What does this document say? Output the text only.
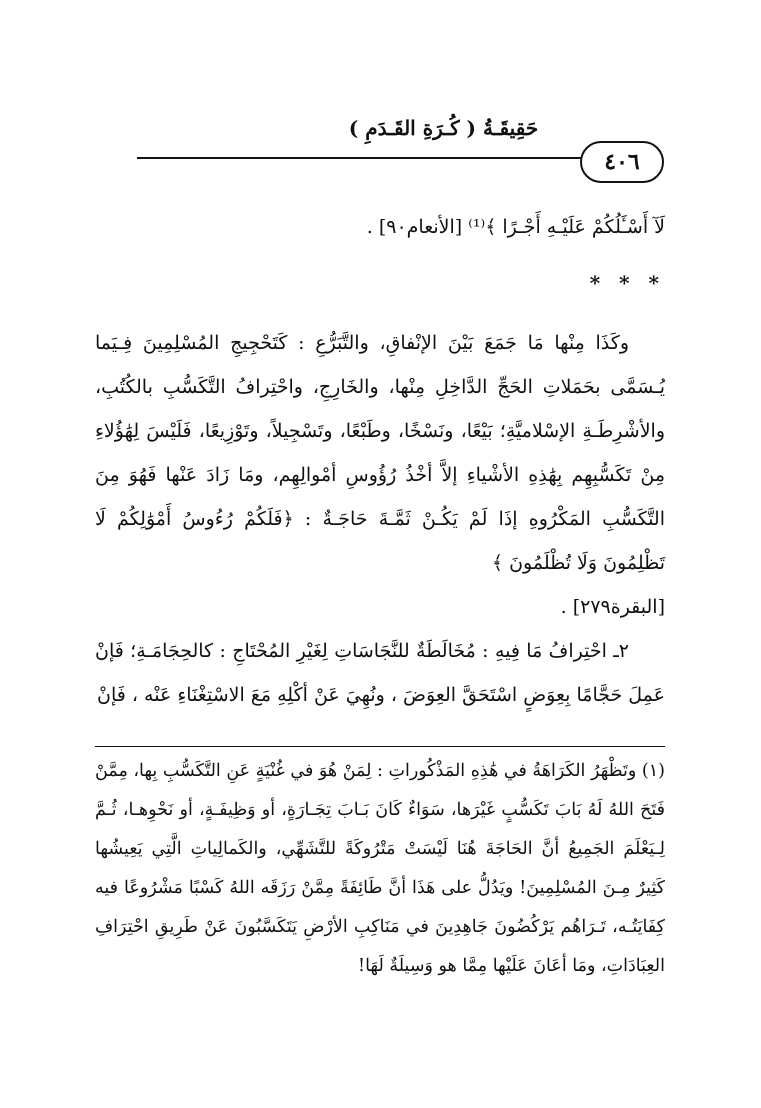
حَقِيقَـةُ ( كُـرَةِ القَـدَمِ )
٤٠٦

لَآ أَسْـَٔلُكُمْ عَلَيْـهِ أَجْـرًا ﴾⁽¹⁾ [الأنعام٩٠] .

* * *

وكَذَا مِنْها مَا جَمَعَ بَيْنَ الإنْفاقِ، والتَّبَرُّعِ : كَتَحْجِيجِ المُسْلِمِينَ فِـيَما يُـسَمَّى بحَمَلاتِ الحَجِّ الدَّاخِلِ مِنْها، والخَارِجِ، واحْتِرافُ التَّكَسُّبِ بالكُتُبِ، والأشْرِطَـةِ الإسْلاميَّةِ؛ بَيْعًا، ونَسْخًا، وطَبْعًا، وتَسْجِيلاً، وتَوْزِيعًا، فَلَيْسَ لِهَٰؤُلاءِ مِنْ تَكَسُّبِهِم بِهَٰذِهِ الأشْياءِ إلاَّ أخْذُ رُؤُوسِ أمْوالِهِم، ومَا زَادَ عَنْها فَهُوَ مِنَ التَّكَسُّبِ المَكْرُوهِ إذَا لَمْ يَكُـنْ ثَمَّـةَ حَاجَـةٌ : ﴿فَلَكُمْ رُءُوسُ أَمْوَٰلِكُمْ لَا تَظْلِمُونَ وَلَا تُظْلَمُونَ ﴾

[البقرة٢٧٩] .

٢ـ احْتِرافُ مَا فِيهِ : مُخَالَطَةٌ للنَّجَاسَاتِ لِغَيْرِ المُحْتَاجِ : كالحِجَامَـةِ؛ فَإنْ عَمِلَ حَجَّامًا بِعِوَضٍ اسْتَحَقَّ العِوَضَ ، ونُهِيَ عَنْ أكْلِهِ مَعَ الاسْتِغْنَاءِ عَنْه ، فَإنْ

(١) وتَظْهَرُ الكَرَاهَةُ في هَٰذِهِ المَذْكُوراتِ : لِمَنْ هُوَ في غُنْيَةٍ عَنِ التَّكَسُّبِ بِها، مِمَّنْ فَتَحَ اللهُ لَهُ بَابَ تَكَسُّبٍ غَيْرَها، سَوَاءٌ كَانَ بَـابَ تِجَـارَةٍ، أو وَظِيفَـةٍ، أو نَحْوِهـا، ثُـمَّ لِـيَعْلَمَ الجَمِيعُ أنَّ الحَاجَةَ هُنَا لَيْسَتْ مَتْرُوكَةً للتَّشَهِّي، والكَمالِياتِ الَّتِي يَعِيشُها كَثِيرٌ مِـنَ المُسْلِمِينَ! ويَدُلُّ على هَذَا أنَّ طَائِفَةً مِمَّنْ رَزَقَه اللهُ كَسْبًا مَشْرُوعًا فيه كِفَايَتُـه، تَـرَاهُم يَرْكُضُونَ جَاهِدِينَ في مَنَاكِبِ الأرْضِ يَتَكَسَّبُونَ عَنْ طَرِيقِ احْتِرَافِ العِبَادَاتِ، ومَا أعَانَ عَلَيْها مِمَّا هو وَسِيلَةٌ لَهَا!
